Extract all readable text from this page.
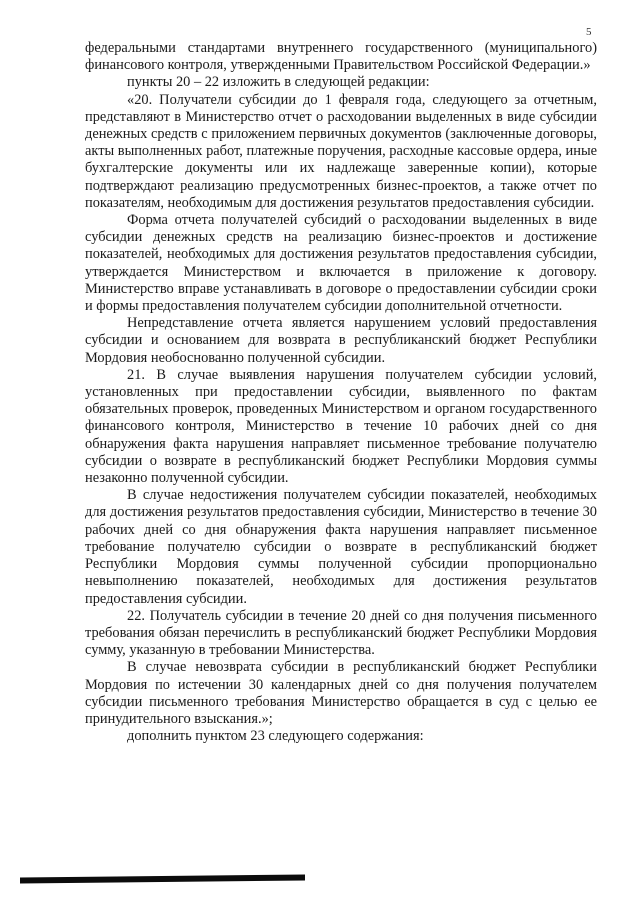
5

федеральными стандартами внутреннего государственного (муниципального) финансового контроля, утвержденными Правительством Российской Федерации.»

пункты 20 – 22 изложить в следующей редакции:

«20. Получатели субсидии до 1 февраля года, следующего за отчетным, представляют в Министерство отчет о расходовании выделенных в виде субсидии денежных средств с приложением первичных документов (заключенные договоры, акты выполненных работ, платежные поручения, расходные кассовые ордера, иные бухгалтерские документы или их надлежаще заверенные копии), которые подтверждают реализацию предусмотренных бизнес-проектов, а также отчет по показателям, необходимым для достижения результатов предоставления субсидии.

Форма отчета получателей субсидий о расходовании выделенных в виде субсидии денежных средств на реализацию бизнес-проектов и достижение показателей, необходимых для достижения результатов предоставления субсидии, утверждается Министерством и включается в приложение к договору. Министерство вправе устанавливать в договоре о предоставлении субсидии сроки и формы предоставления получателем субсидии дополнительной отчетности.

Непредставление отчета является нарушением условий предоставления субсидии и основанием для возврата в республиканский бюджет Республики Мордовия необоснованно полученной субсидии.

21. В случае выявления нарушения получателем субсидии условий, установленных при предоставлении субсидии, выявленного по фактам обязательных проверок, проведенных Министерством и органом государственного финансового контроля, Министерство в течение 10 рабочих дней со дня обнаружения факта нарушения направляет письменное требование получателю субсидии о возврате в республиканский бюджет Республики Мордовия суммы незаконно полученной субсидии.

В случае недостижения получателем субсидии показателей, необходимых для достижения результатов предоставления субсидии, Министерство в течение 30 рабочих дней со дня обнаружения факта нарушения направляет письменное требование получателю субсидии о возврате в республиканский бюджет Республики Мордовия суммы полученной субсидии пропорционально невыполнению показателей, необходимых для достижения результатов предоставления субсидии.

22. Получатель субсидии в течение 20 дней со дня получения письменного требования обязан перечислить в республиканский бюджет Республики Мордовия сумму, указанную в требовании Министерства.

В случае невозврата субсидии в республиканский бюджет Республики Мордовия по истечении 30 календарных дней со дня получения получателем субсидии письменного требования Министерство обращается в суд с целью ее принудительного взыскания.»;

дополнить пунктом 23 следующего содержания:
